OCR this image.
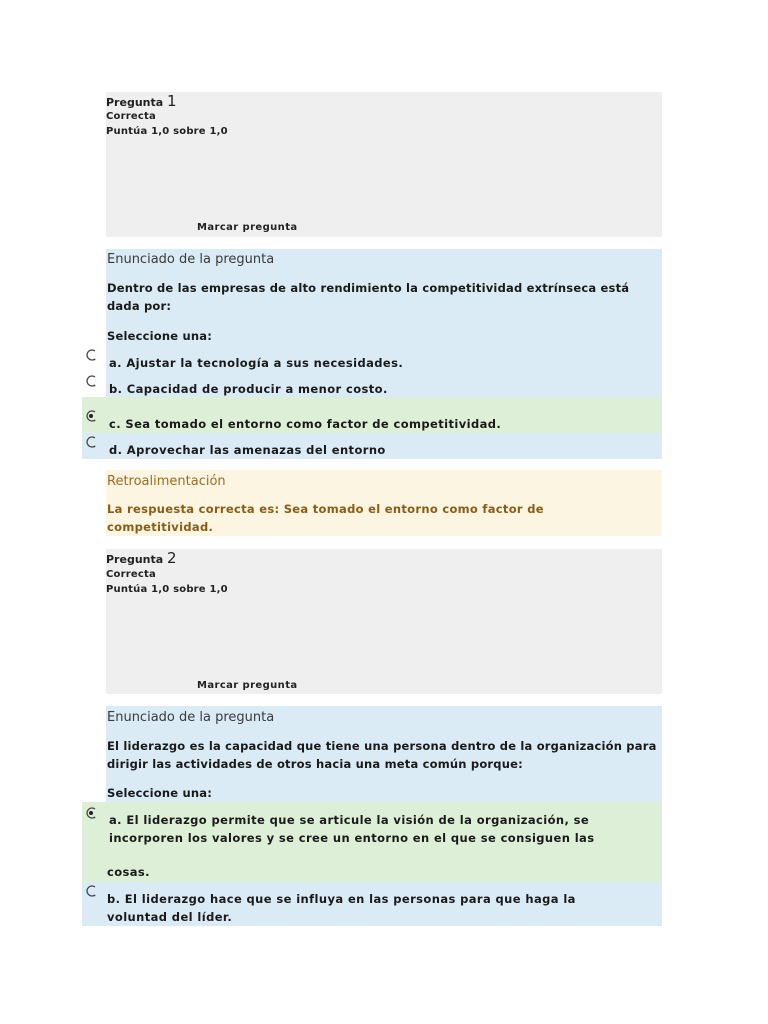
Pregunta 1
Correcta
Puntúa 1,0 sobre 1,0
Marcar pregunta
Enunciado de la pregunta
Dentro de las empresas de alto rendimiento la competitividad extrínseca está dada por:
Seleccione una:
a. Ajustar la tecnología a sus necesidades.
b. Capacidad de producir a menor costo.
c. Sea tomado el entorno como factor de competitividad.
d. Aprovechar las amenazas del entorno
Retroalimentación
La respuesta correcta es: Sea tomado el entorno como factor de competitividad.
Pregunta 2
Correcta
Puntúa 1,0 sobre 1,0
Marcar pregunta
Enunciado de la pregunta
El liderazgo es la capacidad que tiene una persona dentro de la organización para dirigir las actividades de otros hacia una meta común porque:
Seleccione una:
a. El liderazgo permite que se articule la visión de la organización, se incorporen los valores y se cree un entorno en el que se consiguen las
cosas.
b. El liderazgo hace que se influya en las personas para que haga la voluntad del líder.
